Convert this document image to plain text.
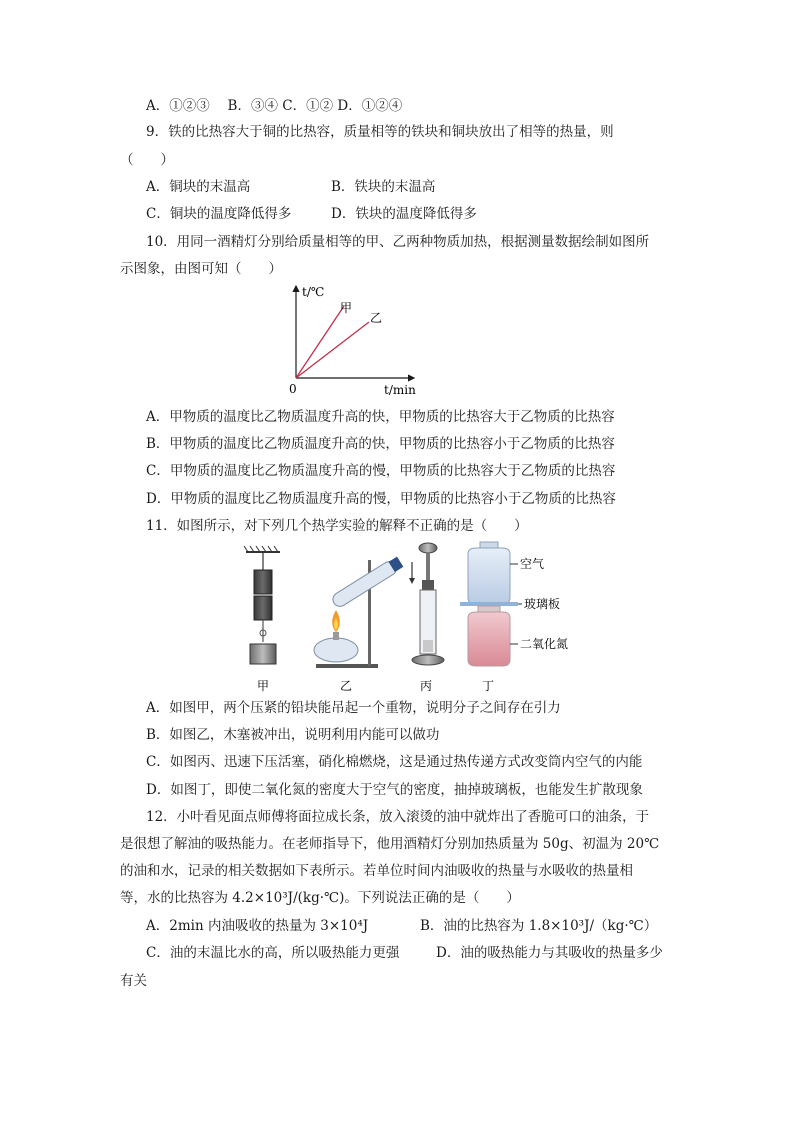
A．①②③　 B．③④ C．①② D．①②④
9．铁的比热容大于铜的比热容，质量相等的铁块和铜块放出了相等的热量，则
（　　）
A．铜块的末温高	B．铁块的末温高
C．铜块的温度降低得多	D．铁块的温度降低得多
10．用同一酒精灯分别给质量相等的甲、乙两种物质加热，根据测量数据绘制如图所
示图象，由图可知（　　）
t/℃
甲
乙
0	t/min
A．甲物质的温度比乙物质温度升高的快，甲物质的比热容大于乙物质的比热容
B．甲物质的温度比乙物质温度升高的快，甲物质的比热容小于乙物质的比热容
C．甲物质的温度比乙物质温度升高的慢，甲物质的比热容大于乙物质的比热容
D．甲物质的温度比乙物质温度升高的慢，甲物质的比热容小于乙物质的比热容
11．如图所示，对下列几个热学实验的解释不正确的是（　　）
空气
玻璃板
二氧化氮
甲	乙	丙	丁
A．如图甲，两个压紧的铅块能吊起一个重物，说明分子之间存在引力
B．如图乙，木塞被冲出，说明利用内能可以做功
C．如图丙、迅速下压活塞，硝化棉燃烧，这是通过热传递方式改变筒内空气的内能
D．如图丁，即使二氧化氮的密度大于空气的密度，抽掉玻璃板，也能发生扩散现象
12．小叶看见面点师傅将面拉成长条，放入滚烫的油中就炸出了香脆可口的油条，于
是很想了解油的吸热能力。在老师指导下，他用酒精灯分别加热质量为 50g、初温为 20℃
的油和水，记录的相关数据如下表所示。若单位时间内油吸收的热量与水吸收的热量相
等，水的比热容为 4.2×10³J/(kg·℃)。下列说法正确的是（　　）
A．2min 内油吸收的热量为 3×10⁴J	B．油的比热容为 1.8×10³J/（kg·℃）
C．油的末温比水的高，所以吸热能力更强	D．油的吸热能力与其吸收的热量多少
有关
